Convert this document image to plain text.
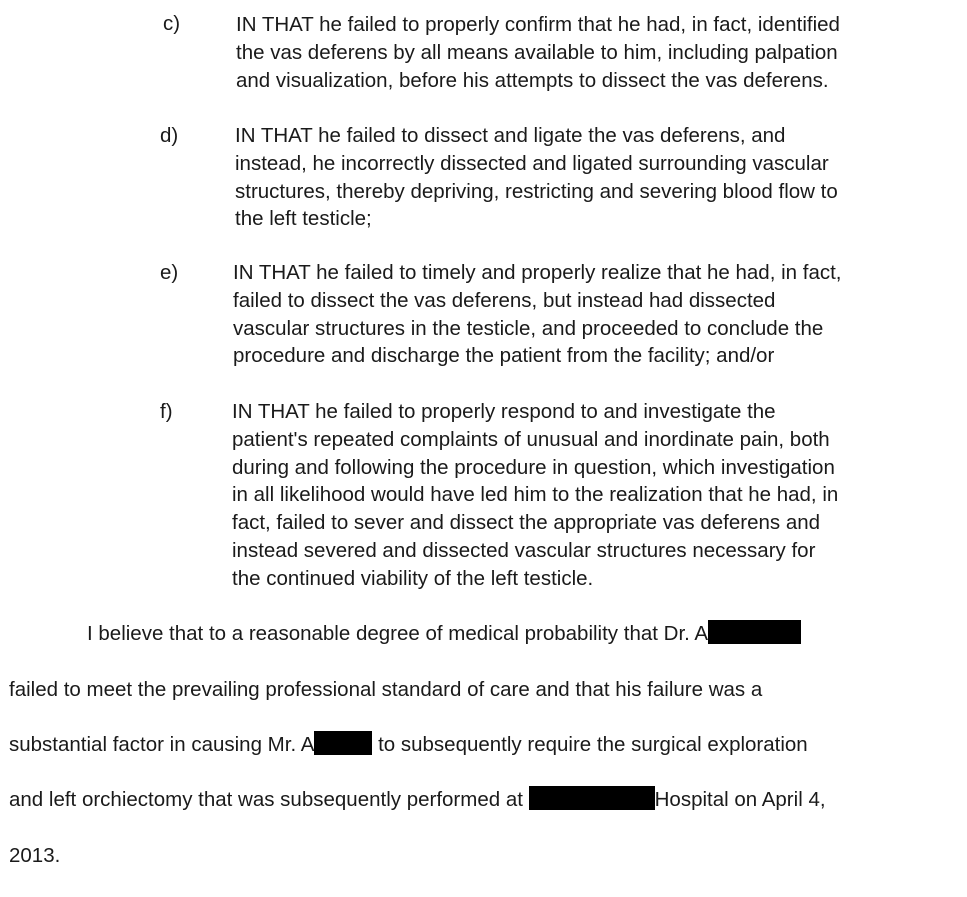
c)	IN THAT he failed to properly confirm that he had, in fact, identified
the vas deferens by all means available to him, including palpation
and visualization, before his attempts to dissect the vas deferens.
d)	IN THAT he failed to dissect and ligate the vas deferens, and
instead, he incorrectly dissected and ligated surrounding vascular
structures, thereby depriving, restricting and severing blood flow to
the left testicle;
e)	IN THAT he failed to timely and properly realize that he had, in fact,
failed to dissect the vas deferens, but instead had dissected
vascular structures in the testicle, and proceeded to conclude the
procedure and discharge the patient from the facility; and/or
f)	IN THAT he failed to properly respond to and investigate the
patient's repeated complaints of unusual and inordinate pain, both
during and following the procedure in question, which investigation
in all likelihood would have led him to the realization that he had, in
fact, failed to sever and dissect the appropriate vas deferens and
instead severed and dissected vascular structures necessary for
the continued viability of the left testicle.
I believe that to a reasonable degree of medical probability that Dr. A
failed to meet the prevailing professional standard of care and that his failure was a
substantial factor in causing Mr. A	to subsequently require the surgical exploration
and left orchiectomy that was subsequently performed at	Hospital on April 4,
2013.
